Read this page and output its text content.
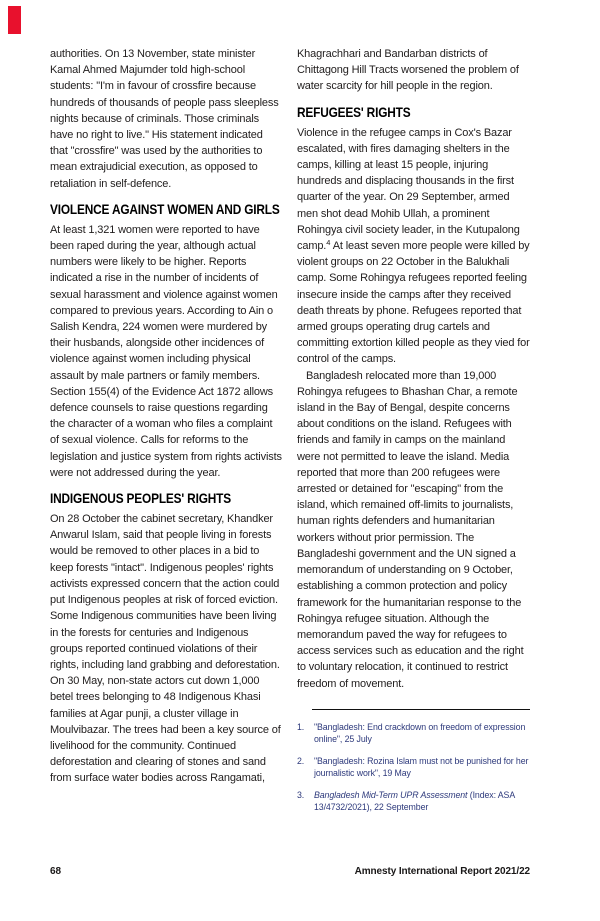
authorities. On 13 November, state minister Kamal Ahmed Majumder told high-school students: "I'm in favour of crossfire because hundreds of thousands of people pass sleepless nights because of criminals. Those criminals have no right to live." His statement indicated that "crossfire" was used by the authorities to mean extrajudicial execution, as opposed to retaliation in self-defence.

VIOLENCE AGAINST WOMEN AND GIRLS

At least 1,321 women were reported to have been raped during the year, although actual numbers were likely to be higher. Reports indicated a rise in the number of incidents of sexual harassment and violence against women compared to previous years. According to Ain o Salish Kendra, 224 women were murdered by their husbands, alongside other incidences of violence against women including physical assault by male partners or family members. Section 155(4) of the Evidence Act 1872 allows defence counsels to raise questions regarding the character of a woman who files a complaint of sexual violence. Calls for reforms to the legislation and justice system from rights activists were not addressed during the year.

INDIGENOUS PEOPLES' RIGHTS

On 28 October the cabinet secretary, Khandker Anwarul Islam, said that people living in forests would be removed to other places in a bid to keep forests "intact". Indigenous peoples' rights activists expressed concern that the action could put Indigenous peoples at risk of forced eviction. Some Indigenous communities have been living in the forests for centuries and Indigenous groups reported continued violations of their rights, including land grabbing and deforestation. On 30 May, non-state actors cut down 1,000 betel trees belonging to 48 Indigenous Khasi families at Agar punji, a cluster village in Moulvibazar. The trees had been a key source of livelihood for the community. Continued deforestation and clearing of stones and sand from surface water bodies across Rangamati,

Khagrachhari and Bandarban districts of Chittagong Hill Tracts worsened the problem of water scarcity for hill people in the region.

REFUGEES' RIGHTS

Violence in the refugee camps in Cox's Bazar escalated, with fires damaging shelters in the camps, killing at least 15 people, injuring hundreds and displacing thousands in the first quarter of the year. On 29 September, armed men shot dead Mohib Ullah, a prominent Rohingya civil society leader, in the Kutupalong camp.$^4$ At least seven more people were killed by violent groups on 22 October in the Balukhali camp. Some Rohingya refugees reported feeling insecure inside the camps after they received death threats by phone. Refugees reported that armed groups operating drug cartels and committing extortion killed people as they vied for control of the camps.

Bangladesh relocated more than 19,000 Rohingya refugees to Bhashan Char, a remote island in the Bay of Bengal, despite concerns about conditions on the island. Refugees with friends and family in camps on the mainland were not permitted to leave the island. Media reported that more than 200 refugees were arrested or detained for "escaping" from the island, which remained off-limits to journalists, human rights defenders and humanitarian workers without prior permission. The Bangladeshi government and the UN signed a memorandum of understanding on 9 October, establishing a common protection and policy framework for the humanitarian response to the Rohingya refugee situation. Although the memorandum paved the way for refugees to access services such as education and the right to voluntary relocation, it continued to restrict freedom of movement.

1.	"Bangladesh: End crackdown on freedom of expression online", 25 July
2.	"Bangladesh: Rozina Islam must not be punished for her journalistic work", 19 May
3.	Bangladesh Mid-Term UPR Assessment (Index: ASA 13/4732/2021), 22 September
68	Amnesty International Report 2021/22
